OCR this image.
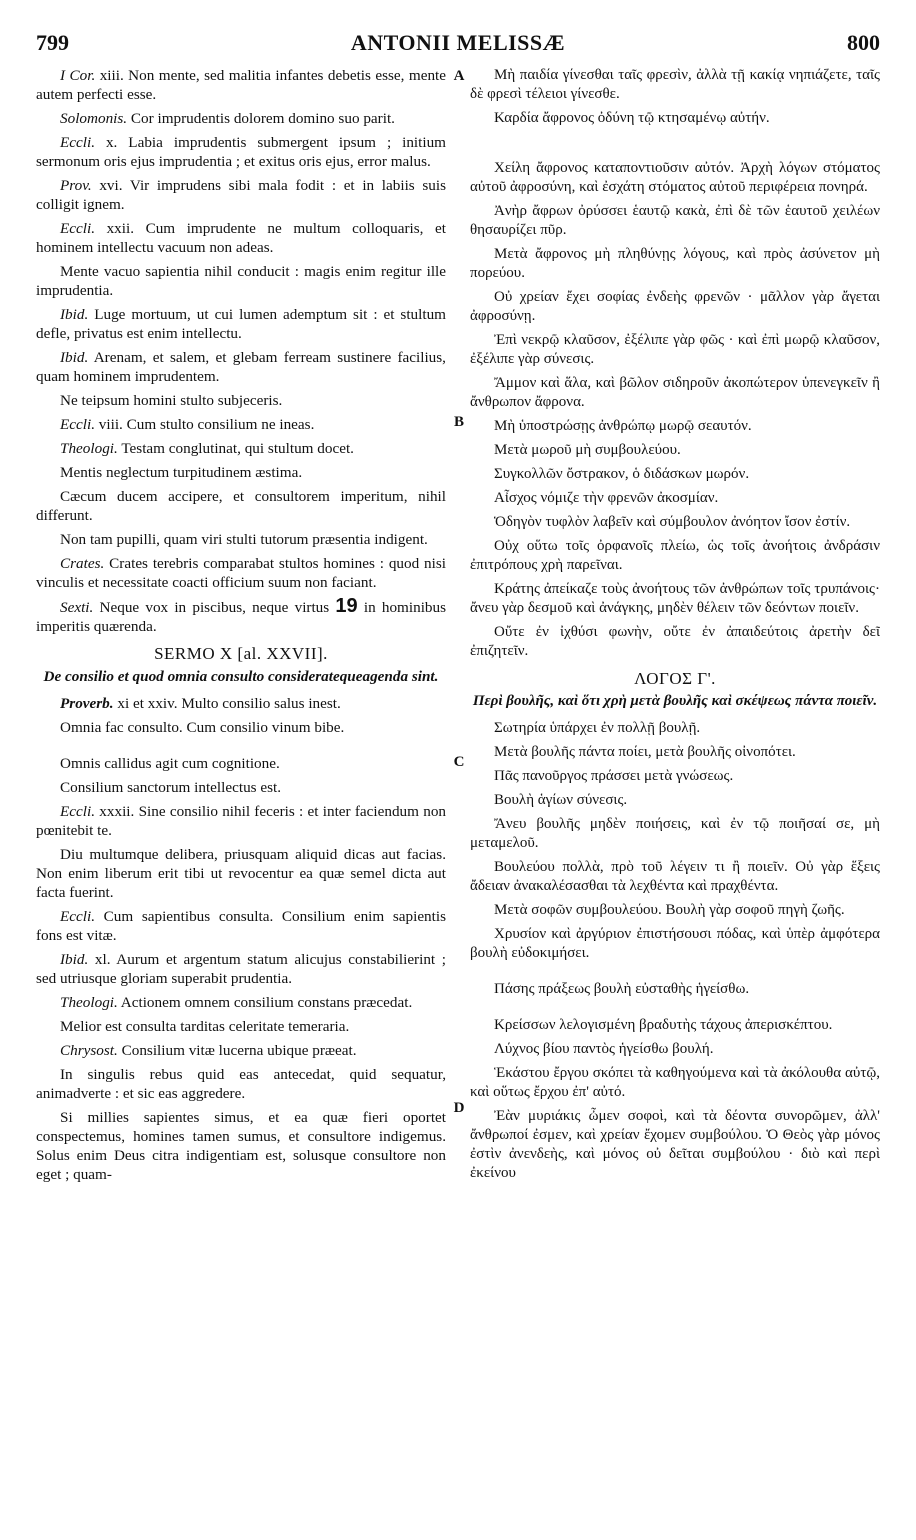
799	ANTONII MELISSÆ	800
A
B
C
D

I Cor. xiii. Non mente, sed malitia infantes debetis esse, mente autem perfecti esse.

Solomonis. Cor imprudentis dolorem domino suo parit.

Eccli. x. Labia imprudentis submergent ipsum ; initium sermonum oris ejus imprudentia ; et exitus oris ejus, error malus.

Prov. xvi. Vir imprudens sibi mala fodit : et in labiis suis colligit ignem.

Eccli. xxii. Cum imprudente ne multum colloquaris, et hominem intellectu vacuum non adeas.

Mente vacuo sapientia nihil conducit : magis enim regitur ille imprudentia.

Ibid. Luge mortuum, ut cui lumen ademptum sit : et stultum defle, privatus est enim intellectu.

Ibid. Arenam, et salem, et glebam ferream sustinere facilius, quam hominem imprudentem.

Ne teipsum homini stulto subjeceris.

Eccli. viii. Cum stulto consilium ne ineas.

Theologi. Testam conglutinat, qui stultum docet.

Mentis neglectum turpitudinem æstima.

Cæcum ducem accipere, et consultorem imperitum, nihil differunt.

Non tam pupilli, quam viri stulti tutorum præsentia indigent.

Crates. Crates terebris comparabat stultos homines : quod nisi vinculis et necessitate coacti officium suum non faciant.

Sexti. Neque vox in piscibus, neque virtus 19 in hominibus imperitis quærenda.

SERMO X [al. XXVII].

De consilio et quod omnia consulto consideratequeagenda sint.

Proverb. xi et xxiv. Multo consilio salus inest.

Omnia fac consulto. Cum consilio vinum bibe.

Omnis callidus agit cum cognitione.

Consilium sanctorum intellectus est.

Eccli. xxxii. Sine consilio nihil feceris : et inter faciendum non pœnitebit te.

Diu multumque delibera, priusquam aliquid dicas aut facias. Non enim liberum erit tibi ut revocentur ea quæ semel dicta aut facta fuerint.

Eccli. Cum sapientibus consulta. Consilium enim sapientis fons est vitæ.

Ibid. xl. Aurum et argentum statum alicujus constabilierint ; sed utriusque gloriam superabit prudentia.

Theologi. Actionem omnem consilium constans præcedat.

Melior est consulta tarditas celeritate temeraria.

Chrysost. Consilium vitæ lucerna ubique præeat.

In singulis rebus quid eas antecedat, quid sequatur, animadverte : et sic eas aggredere.

Si millies sapientes simus, et ea quæ fieri oportet conspectemus, homines tamen sumus, et consultore indigemus. Solus enim Deus citra indigentiam est, solusque consultore non eget ; quam-

Μὴ παιδία γίνεσθαι ταῖς φρεσὶν, ἀλλὰ τῇ κακίᾳ νηπιάζετε, ταῖς δὲ φρεσὶ τέλειοι γίνεσθε.

Καρδία ἄφρονος ὀδύνη τῷ κτησαμένῳ αὐτήν.

Χείλη ἄφρονος καταποντιοῦσιν αὐτόν. Ἀρχὴ λόγων στόματος αὐτοῦ ἀφροσύνη, καὶ ἐσχάτη στόματος αὐτοῦ περιφέρεια πονηρά.

Ἀνὴρ ἄφρων ὀρύσσει ἑαυτῷ κακὰ, ἐπὶ δὲ τῶν ἑαυτοῦ χειλέων θησαυρίζει πῦρ.

Μετὰ ἄφρονος μὴ πληθύνῃς λόγους, καὶ πρὸς ἀσύνετον μὴ πορεύου.

Οὐ χρείαν ἔχει σοφίας ἐνδεὴς φρενῶν · μᾶλλον γὰρ ἄγεται ἀφροσύνῃ.

Ἐπὶ νεκρῷ κλαῦσον, ἐξέλιπε γὰρ φῶς · καὶ ἐπὶ μωρῷ κλαῦσον, ἐξέλιπε γὰρ σύνεσις.

Ἄμμον καὶ ἅλα, καὶ βῶλον σιδηροῦν ἀκοπώτερον ὑπενεγκεῖν ἢ ἄνθρωπον ἄφρονα.

Μὴ ὑποστρώσῃς ἀνθρώπῳ μωρῷ σεαυτόν.

Μετὰ μωροῦ μὴ συμβουλεύου.

Συγκολλῶν ὄστρακον, ὁ διδάσκων μωρόν.

Αἶσχος νόμιζε τὴν φρενῶν ἀκοσμίαν.

Ὁδηγὸν τυφλὸν λαβεῖν καὶ σύμβουλον ἀνόητον ἴσον ἐστίν.

Οὐχ οὕτω τοῖς ὀρφανοῖς πλείω, ὡς τοῖς ἀνοήτοις ἀνδράσιν ἐπιτρόπους χρὴ παρεῖναι.

Κράτης ἀπείκαζε τοὺς ἀνοήτους τῶν ἀνθρώπων τοῖς τρυπάνοις· ἄνευ γὰρ δεσμοῦ καὶ ἀνάγκης, μηδὲν θέλειν τῶν δεόντων ποιεῖν.

Οὔτε ἐν ἰχθύσι φωνὴν, οὔτε ἐν ἀπαιδεύτοις ἀρετὴν δεῖ ἐπιζητεῖν.

ΛΟΓΟΣ Γ'.

Περὶ βουλῆς, καὶ ὅτι χρὴ μετὰ βουλῆς καὶ σκέψεως πάντα ποιεῖν.

Σωτηρία ὑπάρχει ἐν πολλῇ βουλῇ.

Μετὰ βουλῆς πάντα ποίει, μετὰ βουλῆς οἰνοπότει.

Πᾶς πανοῦργος πράσσει μετὰ γνώσεως.

Βουλὴ ἁγίων σύνεσις.

Ἄνευ βουλῆς μηδὲν ποιήσεις, καὶ ἐν τῷ ποιῆσαί σε, μὴ μεταμελοῦ.

Βουλεύου πολλὰ, πρὸ τοῦ λέγειν τι ἢ ποιεῖν. Οὐ γὰρ ἕξεις ἄδειαν ἀνακαλέσασθαι τὰ λεχθέντα καὶ πραχθέντα.

Μετὰ σοφῶν συμβουλεύου. Βουλὴ γὰρ σοφοῦ πηγὴ ζωῆς.

Χρυσίον καὶ ἀργύριον ἐπιστήσουσι πόδας, καὶ ὑπὲρ ἀμφότερα βουλὴ εὐδοκιμήσει.

Πάσης πράξεως βουλὴ εὐσταθὴς ἡγείσθω.

Κρείσσων λελογισμένη βραδυτὴς τάχους ἀπερισκέπτου.

Λύχνος βίου παντὸς ἡγείσθω βουλή.

Ἑκάστου ἔργου σκόπει τὰ καθηγούμενα καὶ τὰ ἀκόλουθα αὐτῷ, καὶ οὕτως ἔρχου ἐπ' αὐτό.

Ἐὰν μυριάκις ὦμεν σοφοὶ, καὶ τὰ δέοντα συνορῶμεν, ἀλλ' ἄνθρωποί ἐσμεν, καὶ χρείαν ἔχομεν συμβούλου. Ὁ Θεὸς γὰρ μόνος ἐστὶν ἀνενδεὴς, καὶ μόνος οὐ δεῖται συμβούλου · διὸ καὶ περὶ ἐκείνου
